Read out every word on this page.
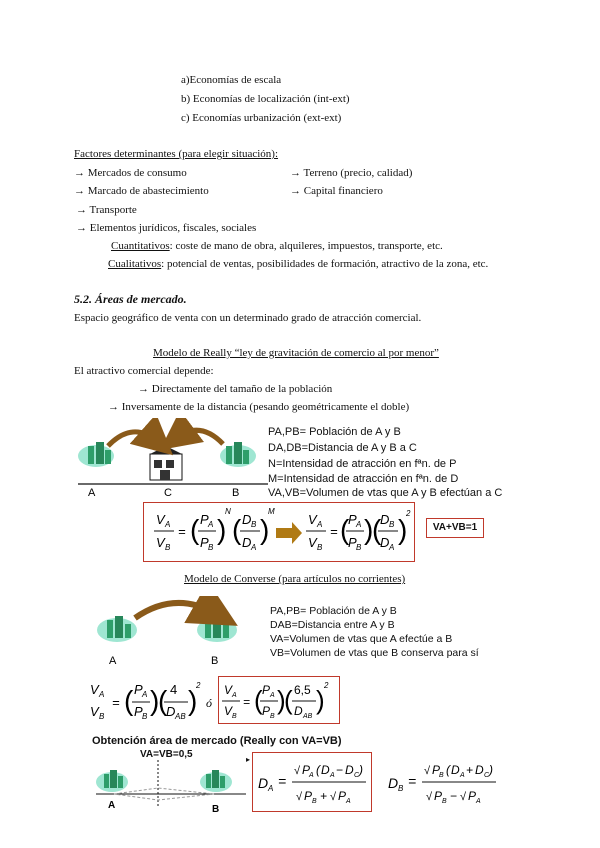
a)Economías de escala
b) Economías de localización (int-ext)
c) Economías urbanización (ext-ext)
Factores determinantes (para elegir situación):
→ Mercados de consumo	→ Terreno (precio, calidad)
→ Marcado de abastecimiento	→ Capital financiero
→ Transporte
→ Elementos jurídicos, fiscales, sociales
Cuantitativos: coste de mano de obra, alquileres, impuestos, transporte, etc.
Cualitativos: potencial de ventas, posibilidades de formación, atractivo de la zona, etc.
5.2. Áreas de mercado.
Espacio geográfico de venta con un determinado grado de atracción comercial.
Modelo de Really “ley de gravitación de comercio al por menor”
El atractivo comercial depende:
→ Directamente del tamaño de la población
→ Inversamente de la distancia (pesando geométricamente el doble)
A	C	B
PA,PB= Población de A y B
DA,DB=Distancia de A y B a C
N=Intensidad de atracción en fªn. de P
M=Intensidad de atracción en fªn. de D
VA,VB=Volumen de vtas que A y B efectúan a C
V A
V B
= ( P A
P B
)
N
( D B
D A
)
M
V A
V B
= (
P A
P B
)
(
D B
D A
)
2
VA+VB=1
Modelo de Converse (para artículos no corrientes)
A	B
PA,PB= Población de A y B
DAB=Distancia entre A y B
VA=Volumen de vtas que A efectúe a B
VB=Volumen de vtas que B conserva para sí
V A
V B
= ( P A
P B
)
( 4
D AB
)
2
ó
V A
V B
= ( P A
P B
)
( 6,5
D AB
) 2
Obtención área de mercado (Really con VA=VB)
VA=VB=0,5
A	B
▸
D A =
√ P
A ( D A − D C )
√ P B + √ P A
D B =
√ P
B ( D A + D C )
√ P B − √ P A
